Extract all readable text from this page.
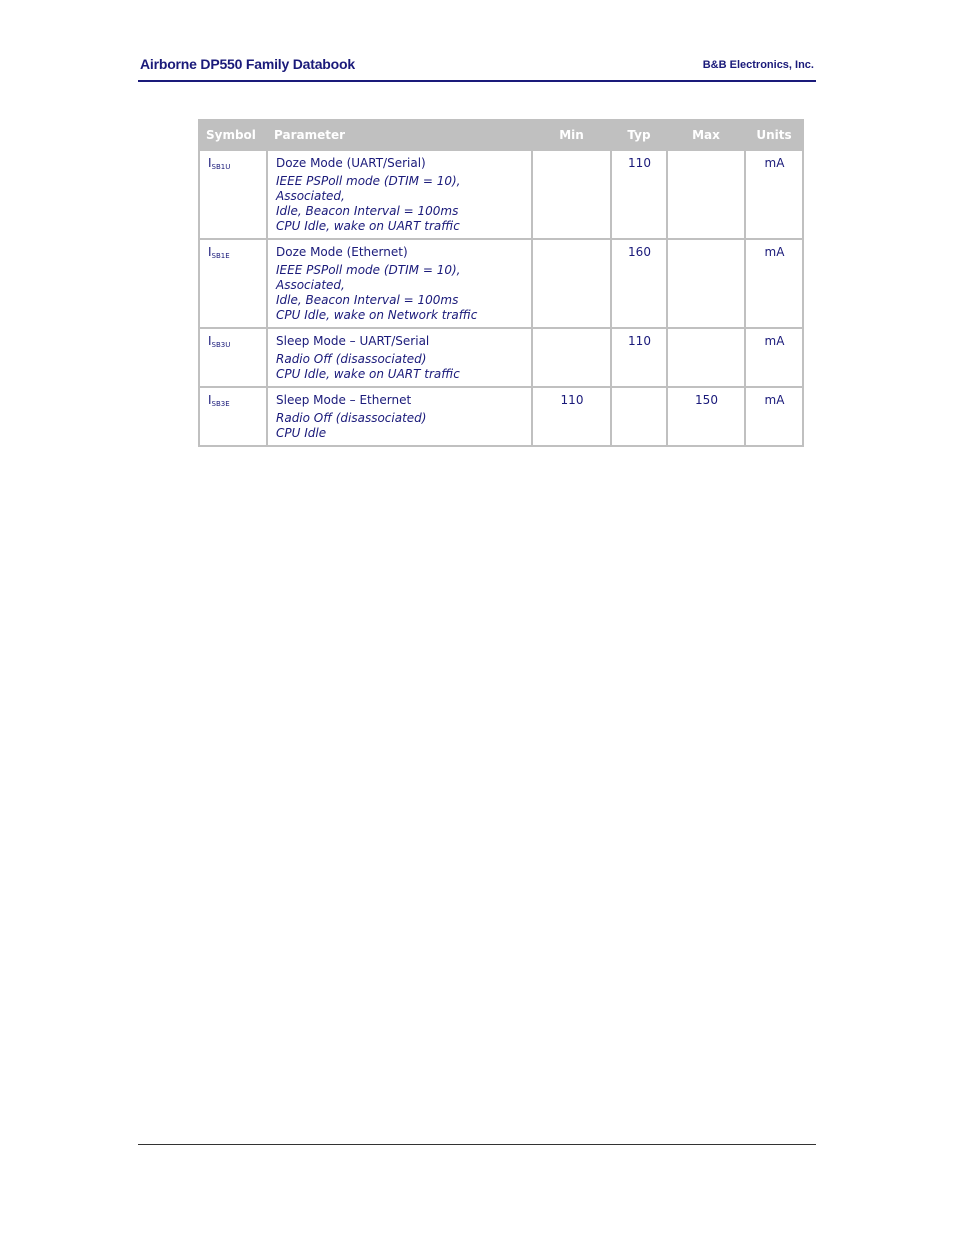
Airborne DP550 Family Databook	B&B Electronics, Inc.
Symbol	Parameter	Min	Typ	Max	Units
$I_{SB1U}$	Doze Mode (UART/Serial)
IEEE PSPoll mode (DTIM = 10), Associated,
Idle, Beacon Interval = 100ms
CPU Idle, wake on UART traffic		110		mA
$I_{SB1E}$	Doze Mode (Ethernet)
IEEE PSPoll mode (DTIM = 10), Associated,
Idle, Beacon Interval = 100ms
CPU Idle, wake on Network traffic		160		mA
$I_{SB3U}$	Sleep Mode – UART/Serial
Radio Off (disassociated)
CPU Idle, wake on UART traffic		110		mA
$I_{SB3E}$	Sleep Mode – Ethernet
Radio Off (disassociated)
CPU Idle	110		150	mA
